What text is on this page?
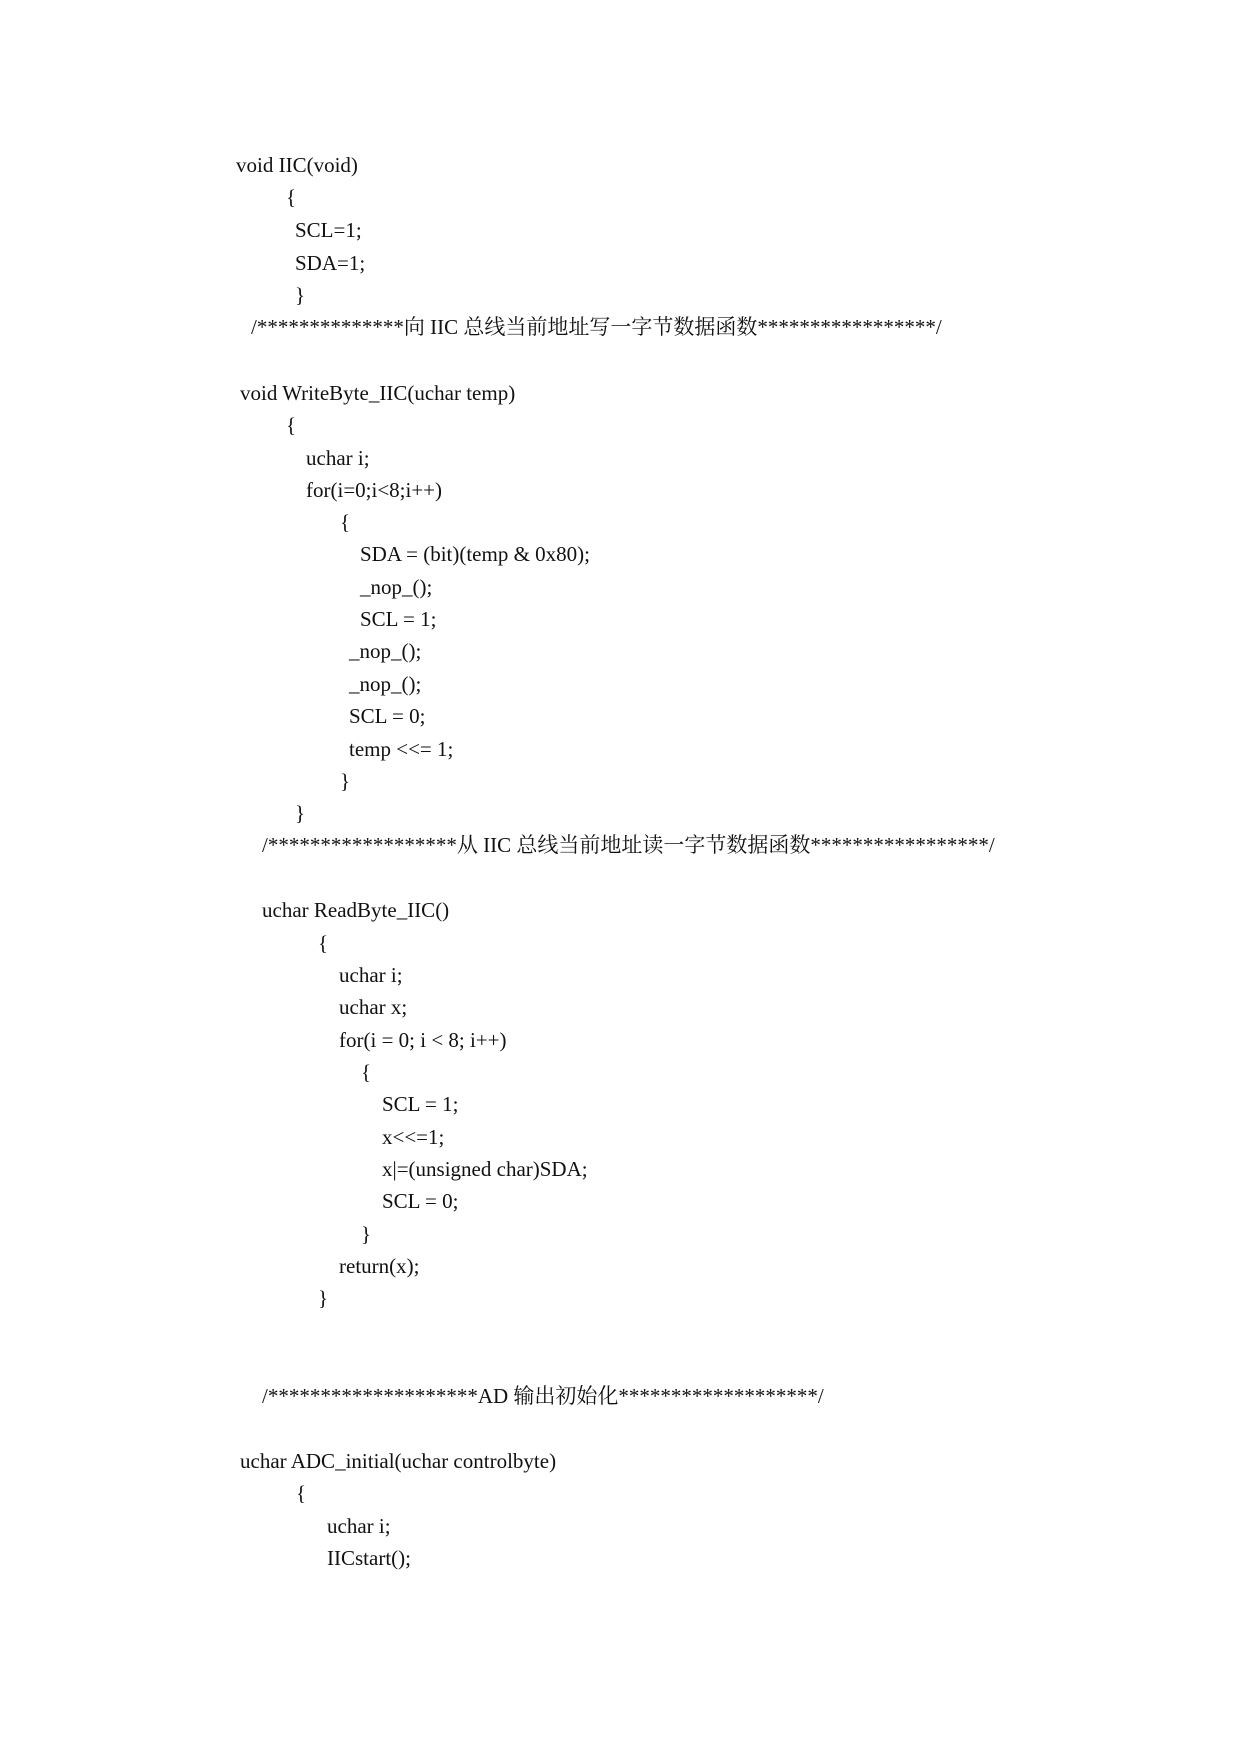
void IIC(void)
{
SCL=1;
SDA=1;
}
/**************向 IIC 总线当前地址写一字节数据函数*****************/
void WriteByte_IIC(uchar temp)
{
uchar i;
for(i=0;i<8;i++)
{
SDA = (bit)(temp & 0x80);
_nop_();
SCL = 1;
_nop_();
_nop_();
SCL = 0;
temp <<= 1;
}
}
/******************从 IIC 总线当前地址读一字节数据函数*****************/
uchar ReadByte_IIC()
{
uchar i;
uchar x;
for(i = 0; i < 8; i++)
{
SCL = 1;
x<<=1;
x|=(unsigned char)SDA;
SCL = 0;
}
return(x);
}
/********************AD 输出初始化*******************/
uchar ADC_initial(uchar controlbyte)
{
uchar i;
IICstart();
